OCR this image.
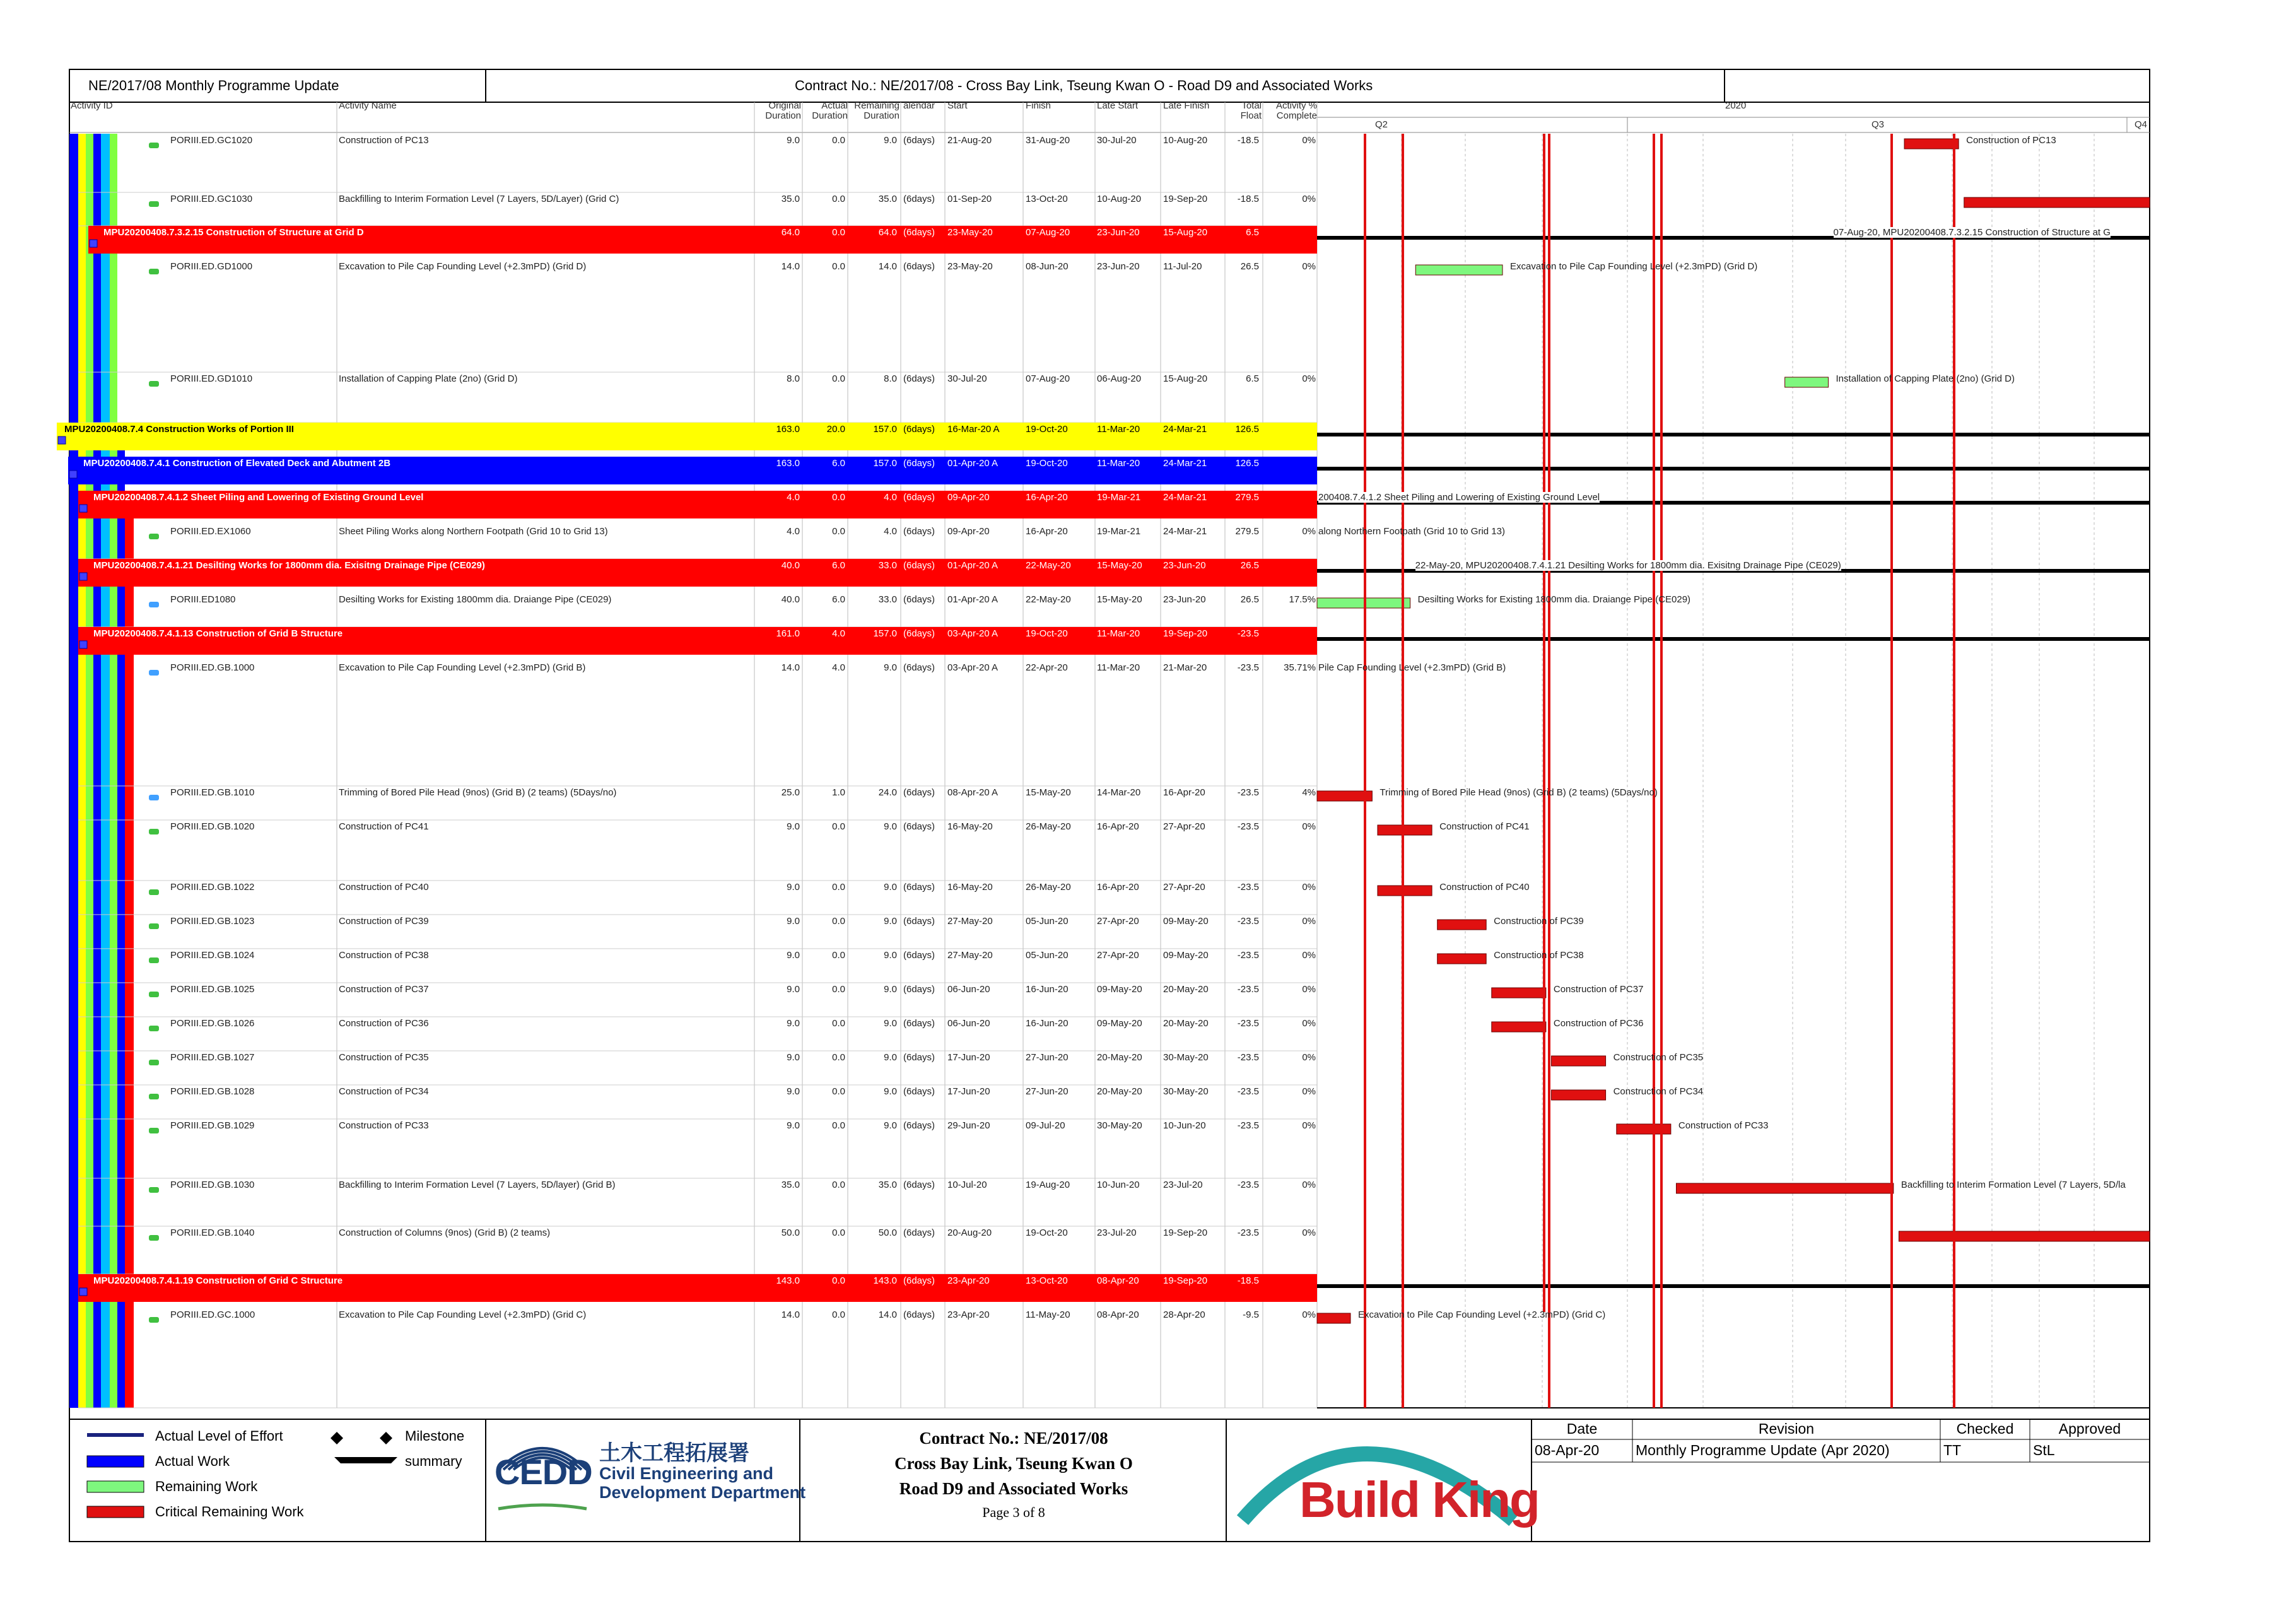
NE/2017/08 Monthly Programme Update	Contract No.: NE/2017/08 - Cross Bay Link, Tseung Kwan O - Road D9 and Associated Works
Activity ID	Activity Name	Original
Duration
Actual
Duration
Remaining
Duration
alendar Start	Finish	Late Start	Late Finish	Total
Float
Activity %
Complete
2020
Q2	Q3	Q4
PORIII.ED.GC1020	Construction of PC13	9.0	0.0	9.0 (6days) 21-Aug-20	31-Aug-20	30-Jul-20	10-Aug-20	-18.5	0%	Construction of PC13
PORIII.ED.GC1030	Backfilling to Interim Formation Level (7 Layers, 5D/Layer) (Grid C)	35.0	0.0	35.0 (6days) 01-Sep-20	13-Oct-20	10-Aug-20 19-Sep-20	-18.5	0%
MPU20200408.7.3.2.15 Construction of Structure at Grid D	64.0	0.0	64.0 (6days) 23-May-20	07-Aug-20	23-Jun-20 15-Aug-20	6.5	07-Aug-20, MPU20200408.7.3.2.15 Construction of Structure at G
PORIII.ED.GD1000	Excavation to Pile Cap Founding Level (+2.3mPD) (Grid D)	14.0	0.0	14.0 (6days) 23-May-20	08-Jun-20	23-Jun-20 11-Jul-20	26.5	0%	Excavation to Pile Cap Founding Level (+2.3mPD) (Grid D)
PORIII.ED.GD1010	Installation of Capping Plate (2no) (Grid D)	8.0	0.0	8.0 (6days) 30-Jul-20	07-Aug-20	06-Aug-20 15-Aug-20	6.5	0%	Installation of Capping Plate (2no) (Grid D)
MPU20200408.7.4 Construction Works of Portion III	163.0	20.0	157.0 (6days) 16-Mar-20 A	19-Oct-20	11-Mar-20 24-Mar-21	126.5
MPU20200408.7.4.1 Construction of Elevated Deck and Abutment 2B	163.0	6.0	157.0 (6days) 01-Apr-20 A	19-Oct-20	11-Mar-20 24-Mar-21	126.5
MPU20200408.7.4.1.2 Sheet Piling and Lowering of Existing Ground Level	4.0	0.0	4.0 (6days) 09-Apr-20	16-Apr-20	19-Mar-21 24-Mar-21	279.5	200408.7.4.1.2 Sheet Piling and Lowering of Existing Ground Level
PORIII.ED.EX1060	Sheet Piling Works along Northern Footpath (Grid 10 to Grid 13)	4.0	0.0	4.0 (6days) 09-Apr-20	16-Apr-20	19-Mar-21 24-Mar-21	279.5	0% along Northern Footpath (Grid 10 to Grid 13)
MPU20200408.7.4.1.21 Desilting Works for 1800mm dia. Exisitng Drainage Pipe (CE029)	40.0	6.0	33.0 (6days) 01-Apr-20 A	22-May-20	15-May-20 23-Jun-20	26.5	22-May-20, MPU20200408.7.4.1.21 Desilting Works for 1800mm dia. Exisitng Drainage Pipe (CE029)
PORIII.ED1080	Desilting Works for Existing 1800mm dia. Draiange Pipe (CE029)	40.0	6.0	33.0 (6days) 01-Apr-20 A	22-May-20	15-May-20 23-Jun-20	26.5	17.5%	Desilting Works for Existing 1800mm dia. Draiange Pipe (CE029)
MPU20200408.7.4.1.13 Construction of Grid B Structure	161.0	4.0	157.0 (6days) 03-Apr-20 A	19-Oct-20	11-Mar-20 19-Sep-20	-23.5
PORIII.ED.GB.1000	Excavation to Pile Cap Founding Level (+2.3mPD) (Grid B)	14.0	4.0	9.0 (6days) 03-Apr-20 A	22-Apr-20	11-Mar-20 21-Mar-20	-23.5	35.71% Pile Cap Founding Level (+2.3mPD) (Grid B)
PORIII.ED.GB.1010	Trimming of Bored Pile Head (9nos) (Grid B) (2 teams) (5Days/no)	25.0	1.0	24.0 (6days) 08-Apr-20 A	15-May-20	14-Mar-20 16-Apr-20	-23.5	4%	Trimming of Bored Pile Head (9nos) (Grid B) (2 teams) (5Days/no)
PORIII.ED.GB.1020	Construction of PC41	9.0	0.0	9.0 (6days) 16-May-20	26-May-20	16-Apr-20	27-Apr-20	-23.5	0%	Construction of PC41
PORIII.ED.GB.1022	Construction of PC40	9.0	0.0	9.0 (6days) 16-May-20	26-May-20	16-Apr-20	27-Apr-20	-23.5	0%	Construction of PC40
PORIII.ED.GB.1023	Construction of PC39	9.0	0.0	9.0 (6days) 27-May-20	05-Jun-20	27-Apr-20	09-May-20	-23.5	0%	Construction of PC39
PORIII.ED.GB.1024	Construction of PC38	9.0	0.0	9.0 (6days) 27-May-20	05-Jun-20	27-Apr-20	09-May-20	-23.5	0%	Construction of PC38
PORIII.ED.GB.1025	Construction of PC37	9.0	0.0	9.0 (6days) 06-Jun-20	16-Jun-20	09-May-20 20-May-20	-23.5	0%	Construction of PC37
PORIII.ED.GB.1026	Construction of PC36	9.0	0.0	9.0 (6days) 06-Jun-20	16-Jun-20	09-May-20 20-May-20	-23.5	0%	Construction of PC36
PORIII.ED.GB.1027	Construction of PC35	9.0	0.0	9.0 (6days) 17-Jun-20	27-Jun-20	20-May-20 30-May-20	-23.5	0%	Construction of PC35
PORIII.ED.GB.1028	Construction of PC34	9.0	0.0	9.0 (6days) 17-Jun-20	27-Jun-20	20-May-20 30-May-20	-23.5	0%	Construction of PC34
PORIII.ED.GB.1029	Construction of PC33	9.0	0.0	9.0 (6days) 29-Jun-20	09-Jul-20	30-May-20 10-Jun-20	-23.5	0%	Construction of PC33
PORIII.ED.GB.1030	Backfilling to Interim Formation Level (7 Layers, 5D/layer) (Grid B)	35.0	0.0	35.0 (6days) 10-Jul-20	19-Aug-20	10-Jun-20 23-Jul-20	-23.5	0%	Backfilling to Interim Formation Level (7 Layers, 5D/la
PORIII.ED.GB.1040	Construction of Columns (9nos) (Grid B) (2 teams)	50.0	0.0	50.0 (6days) 20-Aug-20	19-Oct-20	23-Jul-20	19-Sep-20	-23.5	0%
MPU20200408.7.4.1.19 Construction of Grid C Structure	143.0	0.0	143.0 (6days) 23-Apr-20	13-Oct-20	08-Apr-20	19-Sep-20	-18.5
PORIII.ED.GC.1000	Excavation to Pile Cap Founding Level (+2.3mPD) (Grid C)	14.0	0.0	14.0 (6days) 23-Apr-20	11-May-20	08-Apr-20	28-Apr-20	-9.5	0%	Excavation to Pile Cap Founding Level (+2.3mPD) (Grid C)
Actual Level of Effort
Actual Work
Remaining Work
Critical Remaining Work
Milestone
summary CEDD 土木工程拓展署
Civil Engineering and
Development Department
Contract No.: NE/2017/08
Cross Bay Link, Tseung Kwan O
Road D9 and Associated Works
Page 3 of 8	Build King
Date	Revision	Checked	Approved
08-Apr-20	Monthly Programme Update (Apr 2020)	TT	StL
